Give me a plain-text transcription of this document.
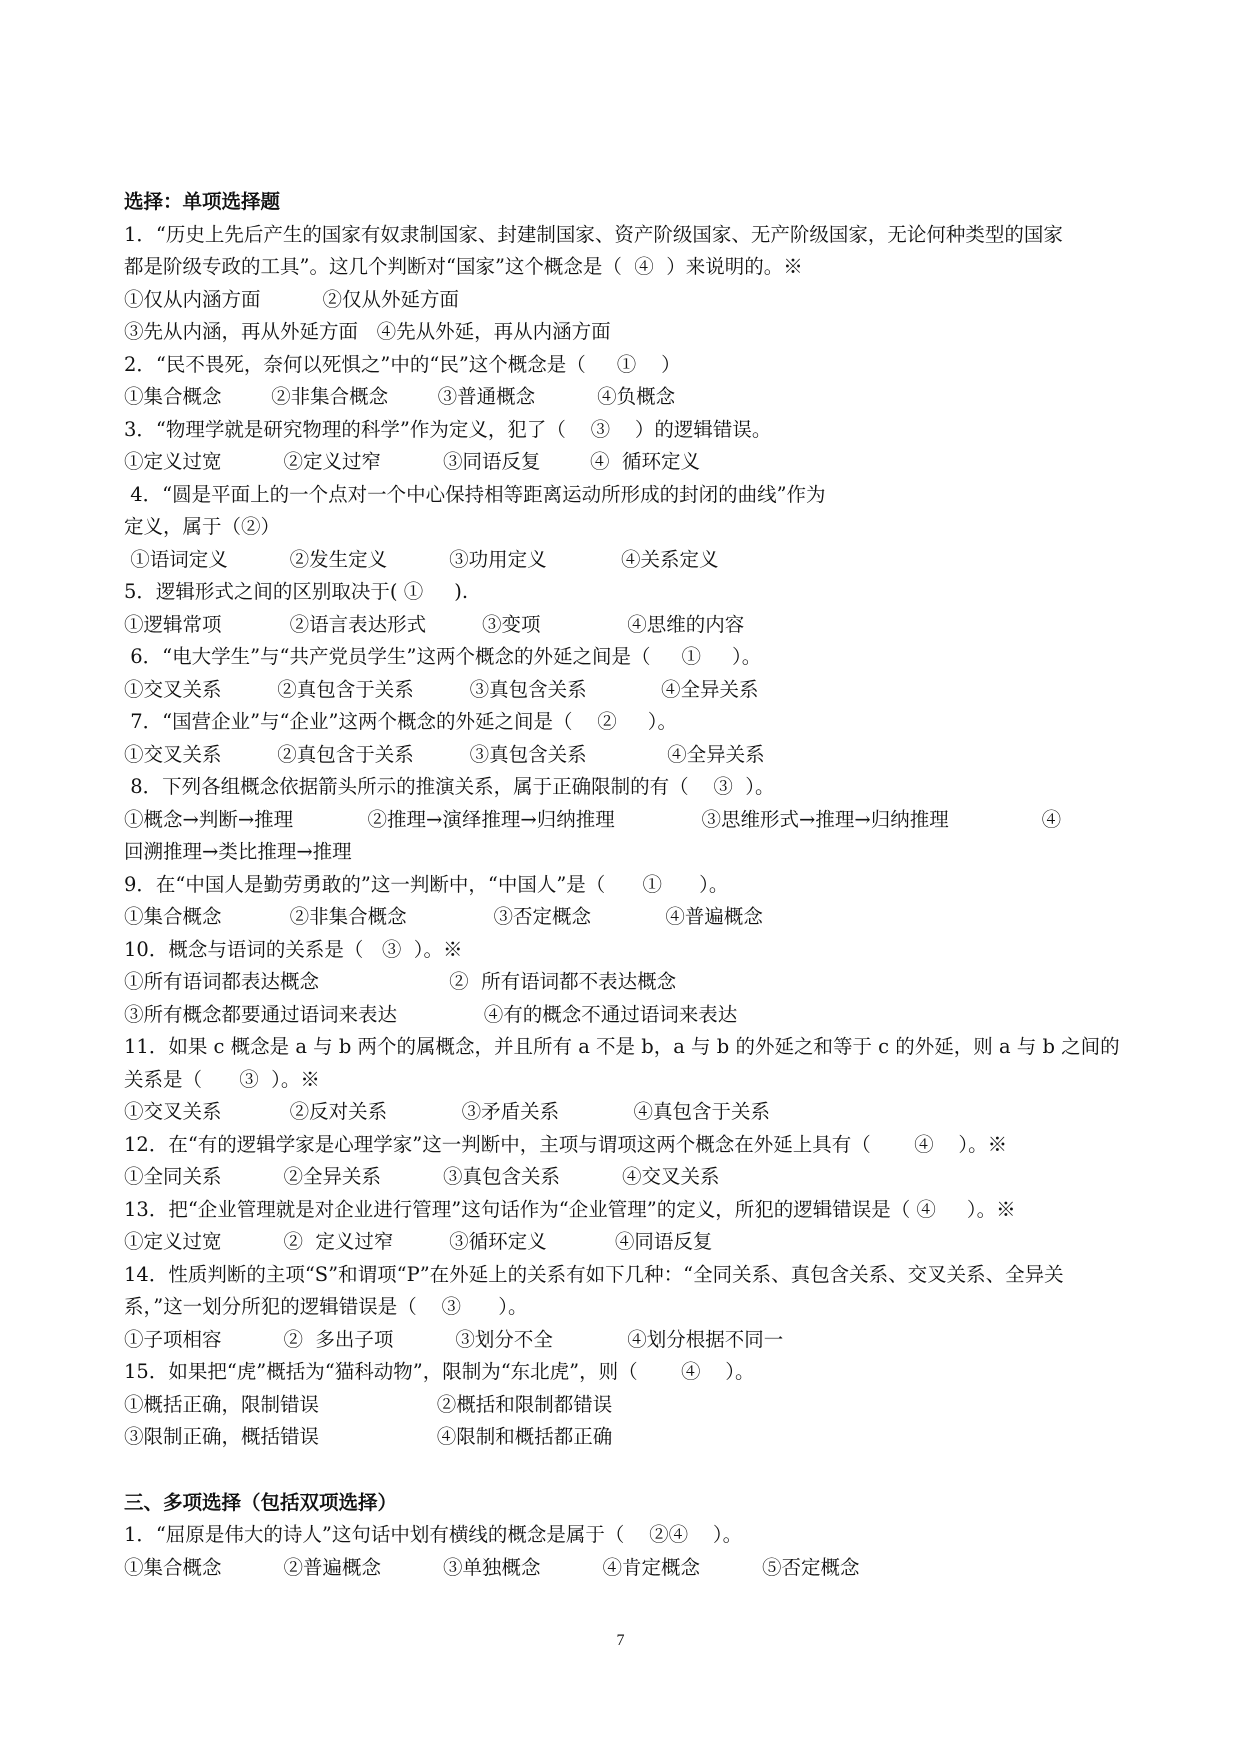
选择：单项选择题
1．“历史上先后产生的国家有奴隶制国家、封建制国家、资产阶级国家、无产阶级国家，无论何种类型的国家
都是阶级专政的工具”。这几个判断对“国家”这个概念是（  ④  ）来说明的。※
①仅从内涵方面          ②仅从外延方面
③先从内涵，再从外延方面   ④先从外延，再从内涵方面
2．“民不畏死，奈何以死惧之”中的“民”这个概念是（     ①    ）
①集合概念        ②非集合概念        ③普通概念          ④负概念
3．“物理学就是研究物理的科学”作为定义，犯了（    ③    ）的逻辑错误。
①定义过宽          ②定义过窄          ③同语反复        ④  循环定义
4．“圆是平面上的一个点对一个中心保持相等距离运动所形成的封闭的曲线”作为
定义，属于（②）
①语词定义          ②发生定义          ③功用定义            ④关系定义
5．逻辑形式之间的区别取决于( ①     ).
①逻辑常项           ②语言表达形式         ③变项              ④思维的内容
6．“电大学生”与“共产党员学生”这两个概念的外延之间是（     ①     ）。
①交叉关系         ②真包含于关系         ③真包含关系            ④全异关系
7．“国营企业”与“企业”这两个概念的外延之间是（    ②     ）。
①交叉关系         ②真包含于关系         ③真包含关系             ④全异关系
8．下列各组概念依据箭头所示的推演关系，属于正确限制的有（    ③  ）。
①概念→判断→推理            ②推理→演绎推理→归纳推理              ③思维形式→推理→归纳推理               ④
回溯推理→类比推理→推理
9．在“中国人是勤劳勇敢的”这一判断中，“中国人”是（      ①      ）。
①集合概念           ②非集合概念              ③否定概念            ④普遍概念
10．概念与语词的关系是（   ③  ）。※
①所有语词都表达概念                     ②  所有语词都不表达概念
③所有概念都要通过语词来表达              ④有的概念不通过语词来表达
11．如果 c 概念是 a 与 b 两个的属概念，并且所有 a 不是 b，a 与 b 的外延之和等于 c 的外延，则 a 与 b 之间的
关系是（      ③  ）。※
①交叉关系           ②反对关系            ③矛盾关系            ④真包含于关系
12．在“有的逻辑学家是心理学家”这一判断中，主项与谓项这两个概念在外延上具有（       ④    ）。※
①全同关系          ②全异关系          ③真包含关系          ④交叉关系
13．把“企业管理就是对企业进行管理”这句话作为“企业管理”的定义，所犯的逻辑错误是（ ④     ）。※
①定义过宽          ②  定义过窄         ③循环定义           ④同语反复
14．性质判断的主项“S”和谓项“P”在外延上的关系有如下几种：“全同关系、真包含关系、交叉关系、全异关
系，”这一划分所犯的逻辑错误是（    ③      ）。
①子项相容          ②  多出子项          ③划分不全            ④划分根据不同一
15．如果把“虎”概括为“猫科动物”，限制为“东北虎”，则（       ④    ）。
①概括正确，限制错误                   ②概括和限制都错误
③限制正确，概括错误                   ④限制和概括都正确
三、多项选择（包括双项选择）
1．“屈原是伟大的诗人”这句话中划有横线的概念是属于（    ②④    ）。
①集合概念          ②普遍概念          ③单独概念          ④肯定概念          ⑤否定概念
7
